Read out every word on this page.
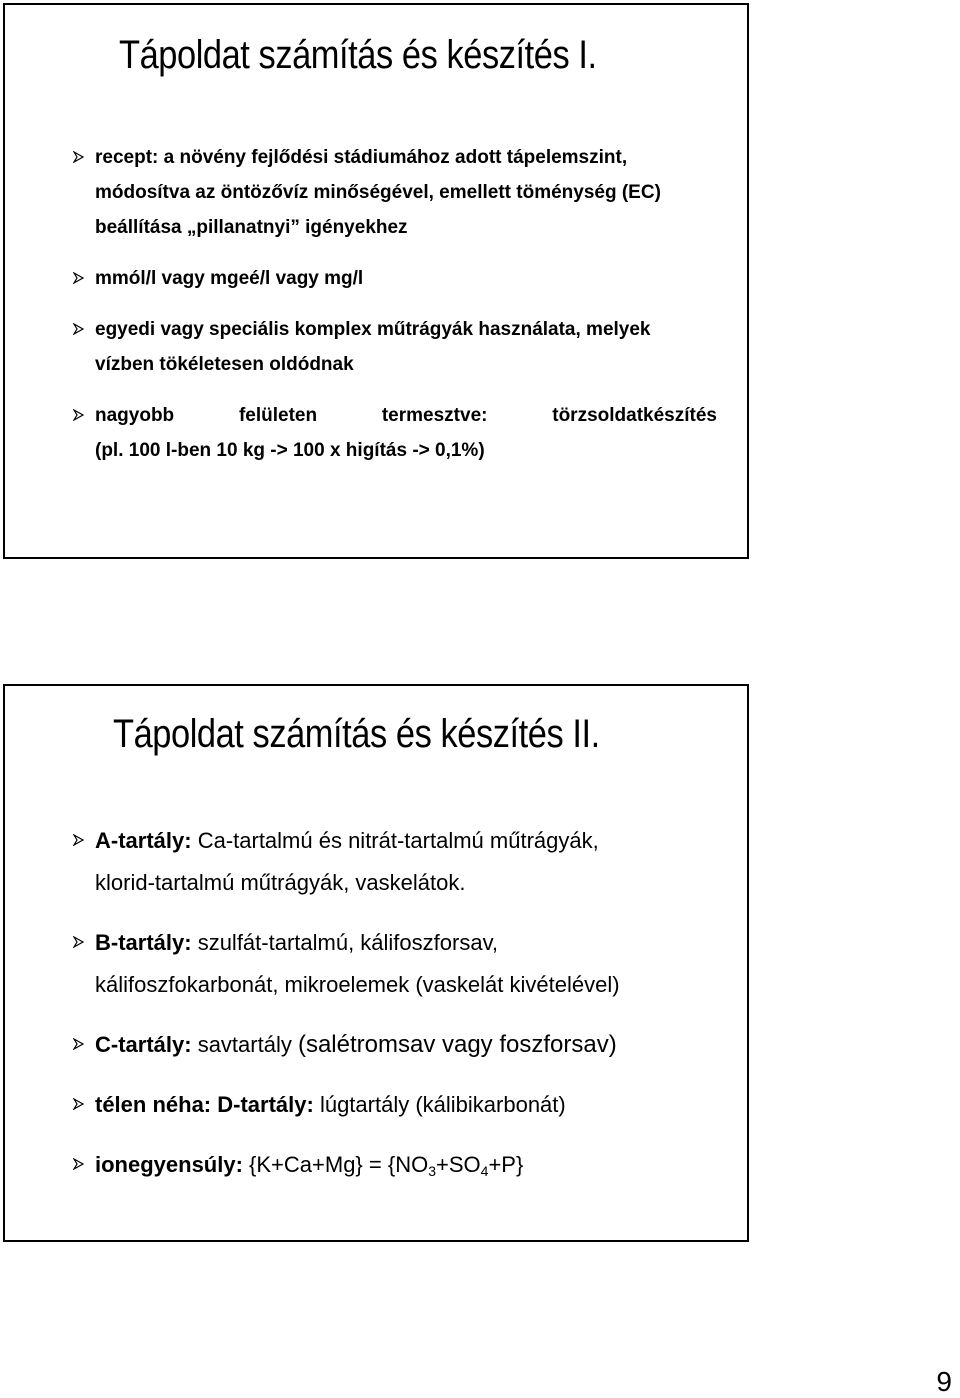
Tápoldat számítás és készítés I.
recept: a növény fejlődési stádiumához adott tápelemszint,
módosítva az öntözővíz minőségével, emellett töménység (EC)
beállítása „pillanatnyi” igényekhez
mmól/l vagy mgeé/l vagy mg/l
egyedi vagy speciális komplex műtrágyák használata, melyek
vízben tökéletesen oldódnak
nagyobb	felületen	termesztve:	törzsoldatkészítés
(pl. 100 l-ben 10 kg -> 100 x higítás -> 0,1%)
Tápoldat számítás és készítés II.
A-tartály: Ca-tartalmú és nitrát-tartalmú műtrágyák,
klorid-tartalmú műtrágyák, vaskelátok.
B-tartály: szulfát-tartalmú, kálifoszforsav,
kálifoszfokarbonát, mikroelemek (vaskelát kivételével)
C-tartály: savtartály (salétromsav vagy foszforsav)
télen néha: D-tartály: lúgtartály (kálibikarbonát)
ionegyensúly: $\{K+Ca+Mg\} = \{NO_3+SO_4+P\}$
9
